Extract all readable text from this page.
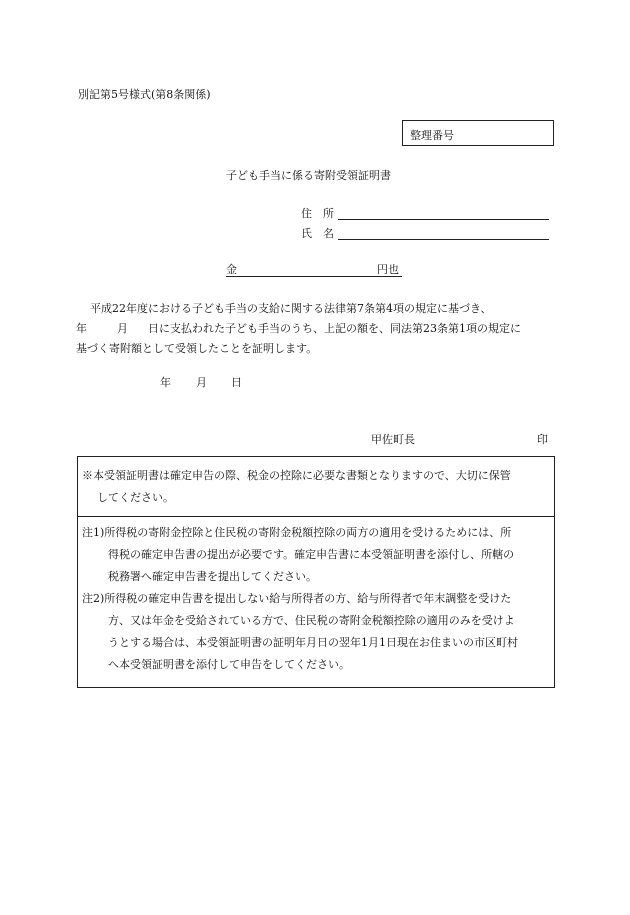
別記第5号様式(第8条関係)
整理番号
子ども手当に係る寄附受領証明書
住　所
氏　名
金	円也
平成22年度における子ども手当の支給に関する法律第7条第4項の規定に基づき、
年	月 日に支払われた子ども手当のうち、上記の額を、同法第23条第1項の規定に
基づく寄附額として受領したことを証明します。
年 月 日
甲佐町長	印
※本受領証明書は確定申告の際、税金の控除に必要な書類となりますので、大切に保管
してください。
注1)所得税の寄附金控除と住民税の寄附金税額控除の両方の適用を受けるためには、所
得税の確定申告書の提出が必要です。確定申告書に本受領証明書を添付し、所轄の
税務署へ確定申告書を提出してください。
注2)所得税の確定申告書を提出しない給与所得者の方、給与所得者で年末調整を受けた
方、又は年金を受給されている方で、住民税の寄附金税額控除の適用のみを受けよ
うとする場合は、本受領証明書の証明年月日の翌年1月1日現在お住まいの市区町村
へ本受領証明書を添付して申告をしてください。
